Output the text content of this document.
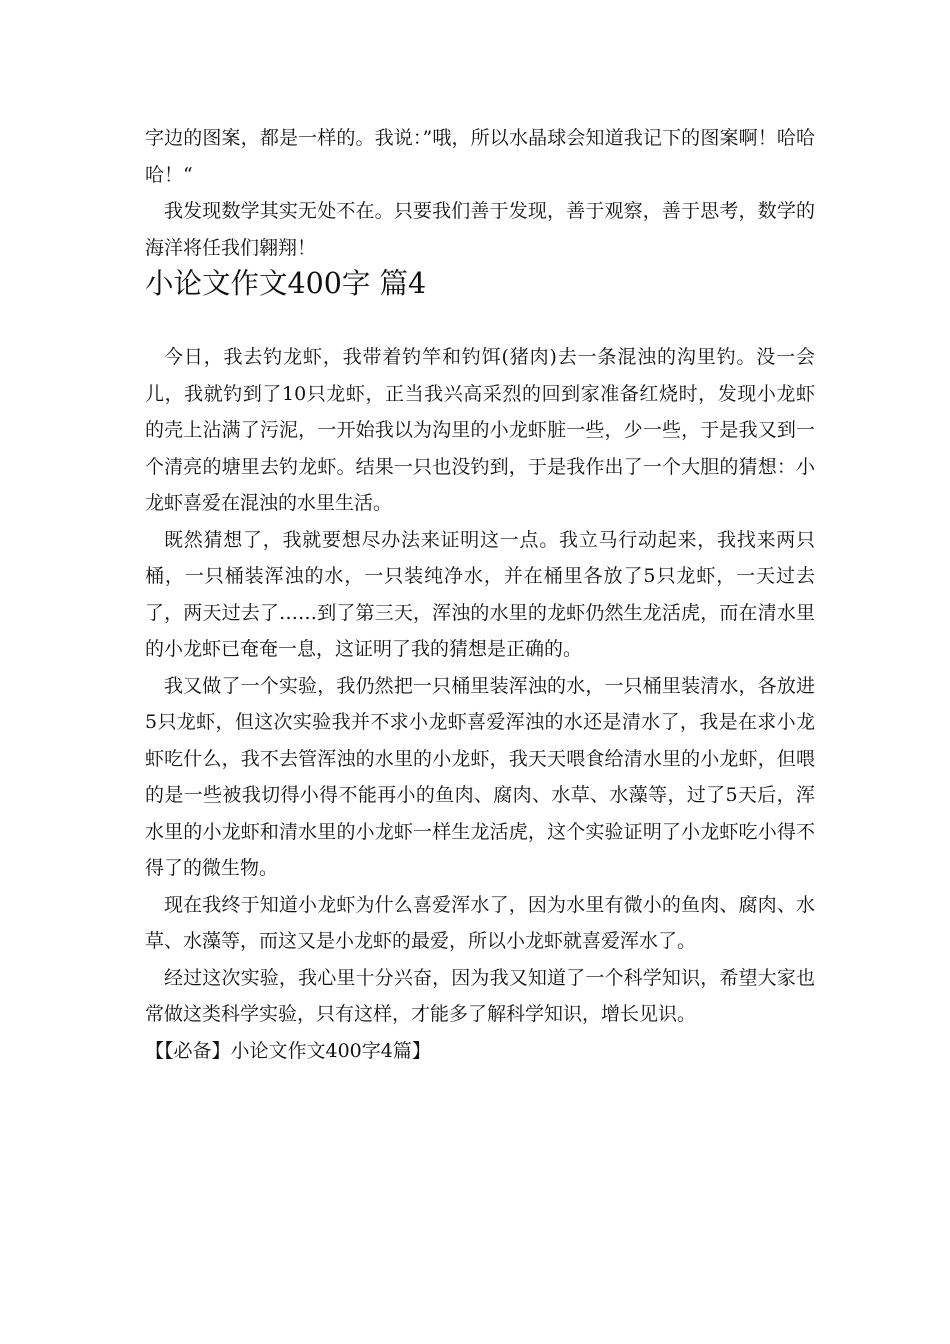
字边的图案，都是一样的。我说：”哦，所以水晶球会知道我记下的图案啊！哈哈哈！“

我发现数学其实无处不在。只要我们善于发现，善于观察，善于思考，数学的海洋将任我们翱翔！

小论文作文400字 篇4

今日，我去钓龙虾，我带着钓竿和钓饵(猪肉)去一条混浊的沟里钓。没一会儿，我就钓到了10只龙虾，正当我兴高采烈的回到家准备红烧时，发现小龙虾的壳上沾满了污泥，一开始我以为沟里的小龙虾脏一些，少一些，于是我又到一个清亮的塘里去钓龙虾。结果一只也没钓到，于是我作出了一个大胆的猜想：小龙虾喜爱在混浊的水里生活。

既然猜想了，我就要想尽办法来证明这一点。我立马行动起来，我找来两只桶，一只桶装浑浊的水，一只装纯净水，并在桶里各放了5只龙虾，一天过去了，两天过去了……到了第三天，浑浊的水里的龙虾仍然生龙活虎，而在清水里的小龙虾已奄奄一息，这证明了我的猜想是正确的。

我又做了一个实验，我仍然把一只桶里装浑浊的水，一只桶里装清水，各放进5只龙虾，但这次实验我并不求小龙虾喜爱浑浊的水还是清水了，我是在求小龙虾吃什么，我不去管浑浊的水里的小龙虾，我天天喂食给清水里的小龙虾，但喂的是一些被我切得小得不能再小的鱼肉、腐肉、水草、水藻等，过了5天后，浑水里的小龙虾和清水里的小龙虾一样生龙活虎，这个实验证明了小龙虾吃小得不得了的微生物。

现在我终于知道小龙虾为什么喜爱浑水了，因为水里有微小的鱼肉、腐肉、水草、水藻等，而这又是小龙虾的最爱，所以小龙虾就喜爱浑水了。

经过这次实验，我心里十分兴奋，因为我又知道了一个科学知识，希望大家也常做这类科学实验，只有这样，才能多了解科学知识，增长见识。

【【必备】小论文作文400字4篇】
